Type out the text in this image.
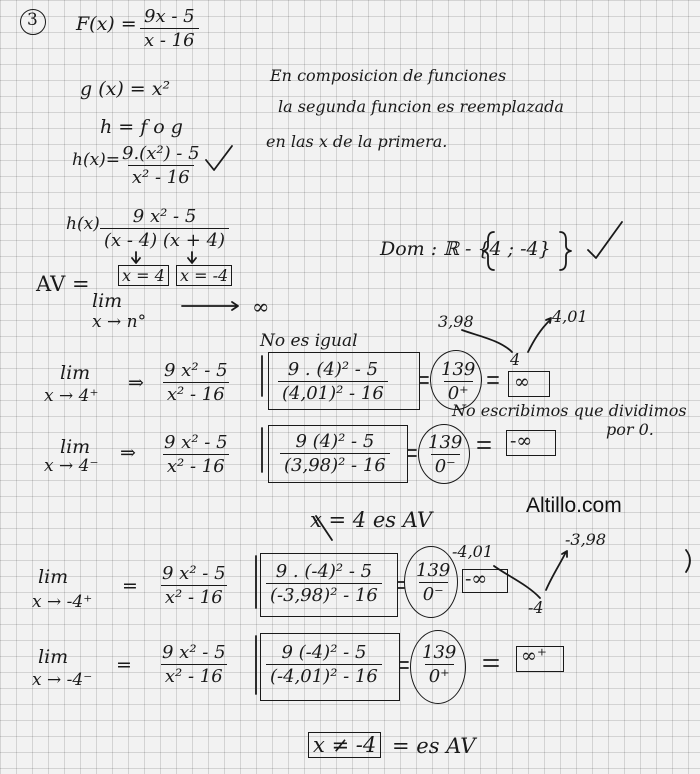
3 $F(x) = \frac{9x - 5}{x - 16}$
g (x) = x²
En composicion de funciones
la segunda funcion es reemplazada
en las x de la primera.
h = f o g
h(x)=
$\frac{\text{9.(x²) - 5}}{\text{x² - 16}}$
$h(x) \frac{\text{9 x² - 5}}{(x - 4) (x + 4)}$	Dom : ℝ - {4 ; -4}
AV = x = 4 x = -4
lim
x → n°
∞
No es igual
3,98	4,01
4
No escribimos que dividimos
por 0.
-4,01
-3,98
-4
lim
x → 4⁺
⇒ $\frac{\text{9 x² - 5}}{\text{x² - 16}}$	$\frac{\text{9 . (4)² - 5}}{\text{(4,01)² - 16}}$	$\frac{139}{0^+}$ ∞
lim
x → 4⁻
⇒ $\frac{\text{9 x² - 5}}{\text{x² - 16}}$	$\frac{\text{9 (4)² - 5}}{\text{(3,98)² - 16}} \frac{139}{0^-}$ -∞
x = 4 es AV
Altillo.com
lim
x → -4⁺
= $\frac{\text{9 x² - 5}}{\text{x² - 16}} \frac{\text{9 . (-4)² - 5}}{\text{(-3,98)² - 16}} \frac{139}{0^-}$ -∞
lim
x → -4⁻
= $\frac{\text{9 x² - 5}}{\text{x² - 16}} \frac{\text{9 (-4)² - 5}}{\text{(-4,01)² - 16}} \frac{139}{0^+}$	∞⁺
x ≠ -4 = es AV
